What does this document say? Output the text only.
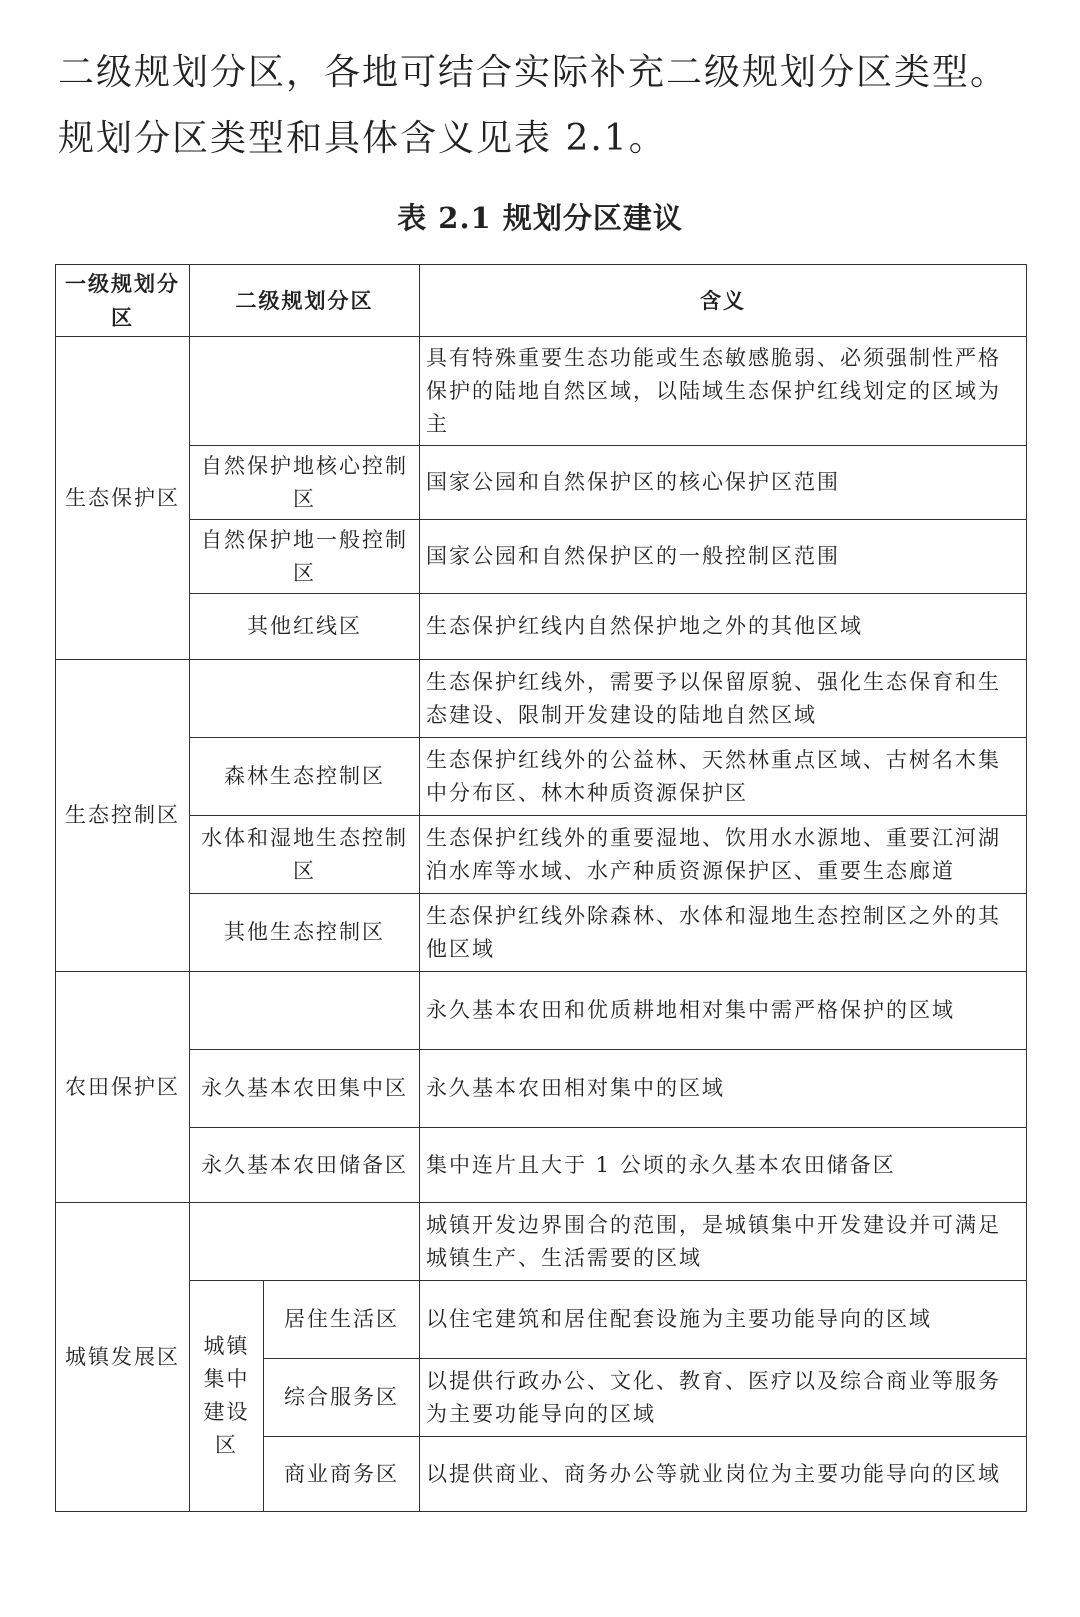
二级规划分区，各地可结合实际补充二级规划分区类型。规划分区类型和具体含义见表 2.1。

表 2.1 规划分区建议
一级规划分区	二级规划分区		含义
生态保护区			具有特殊重要生态功能或生态敏感脆弱、必须强制性严格保护的陆地自然区域，以陆域生态保护红线划定的区域为主
	自然保护地核心控制区		国家公园和自然保护区的核心保护区范围
	自然保护地一般控制区		国家公园和自然保护区的一般控制区范围
	其他红线区		生态保护红线内自然保护地之外的其他区域
生态控制区			生态保护红线外，需要予以保留原貌、强化生态保育和生态建设、限制开发建设的陆地自然区域
	森林生态控制区		生态保护红线外的公益林、天然林重点区域、古树名木集中分布区、林木种质资源保护区
	水体和湿地生态控制区		生态保护红线外的重要湿地、饮用水水源地、重要江河湖泊水库等水域、水产种质资源保护区、重要生态廊道
	其他生态控制区		生态保护红线外除森林、水体和湿地生态控制区之外的其他区域
农田保护区			永久基本农田和优质耕地相对集中需严格保护的区域
	永久基本农田集中区		永久基本农田相对集中的区域
	永久基本农田储备区		集中连片且大于 1 公顷的永久基本农田储备区
城镇发展区			城镇开发边界围合的范围，是城镇集中开发建设并可满足城镇生产、生活需要的区域
	城镇集中建设区	居住生活区	以住宅建筑和居住配套设施为主要功能导向的区域
		综合服务区	以提供行政办公、文化、教育、医疗以及综合商业等服务为主要功能导向的区域
		商业商务区	以提供商业、商务办公等就业岗位为主要功能导向的区域
